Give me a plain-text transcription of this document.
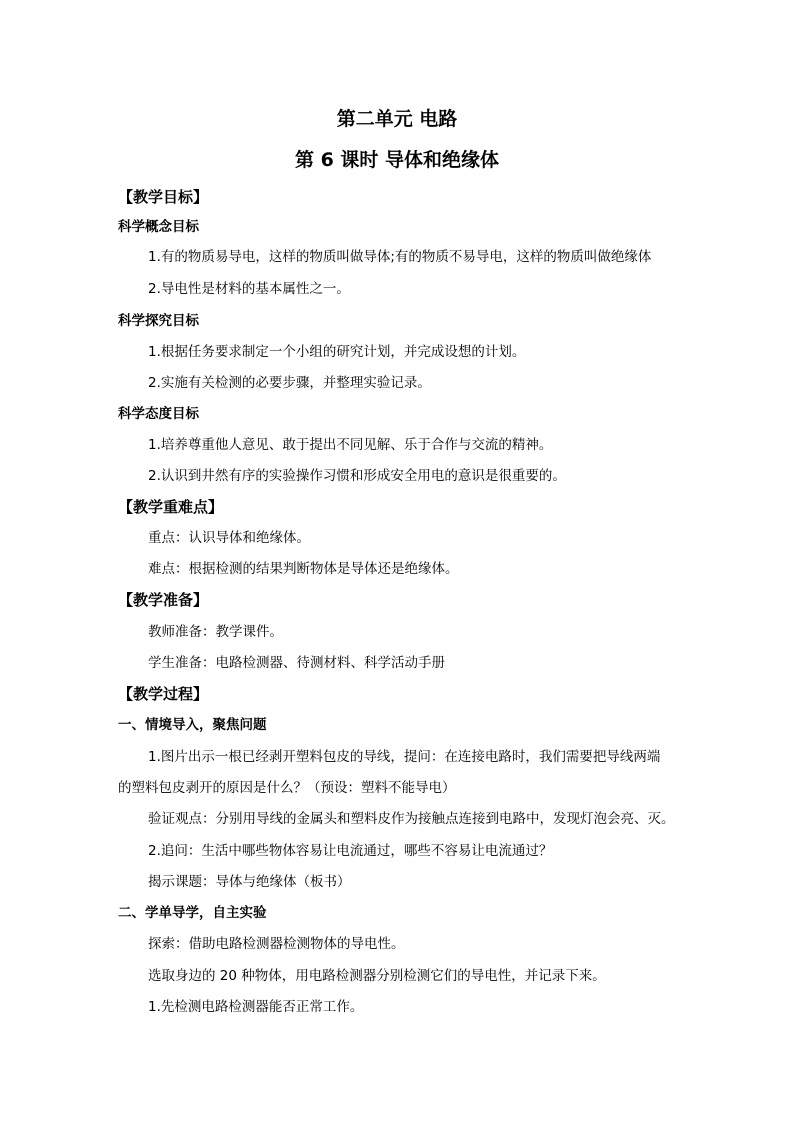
第二单元 电路
第 6 课时 导体和绝缘体
【教学目标】
科学概念目标
1.有的物质易导电，这样的物质叫做导体;有的物质不易导电，这样的物质叫做绝缘体
2.导电性是材料的基本属性之一。
科学探究目标
1.根据任务要求制定一个小组的研究计划，并完成设想的计划。
2.实施有关检测的必要步骤，并整理实验记录。
科学态度目标
1.培养尊重他人意见、敢于提出不同见解、乐于合作与交流的精神。
2.认识到井然有序的实验操作习惯和形成安全用电的意识是很重要的。
【教学重难点】
重点：认识导体和绝缘体。
难点：根据检测的结果判断物体是导体还是绝缘体。
【教学准备】
教师准备：教学课件。
学生准备：电路检测器、待测材料、科学活动手册
【教学过程】
一、情境导入，聚焦问题
1.图片出示一根已经剥开塑料包皮的导线，提问：在连接电路时，我们需要把导线两端
的塑料包皮剥开的原因是什么？（预设：塑料不能导电）
验证观点：分别用导线的金属头和塑料皮作为接触点连接到电路中，发现灯泡会亮、灭。
2.追问：生活中哪些物体容易让电流通过，哪些不容易让电流通过？
揭示课题：导体与绝缘体（板书）
二、学单导学，自主实验
探索：借助电路检测器检测物体的导电性。
选取身边的 20 种物体，用电路检测器分别检测它们的导电性，并记录下来。
1.先检测电路检测器能否正常工作。
